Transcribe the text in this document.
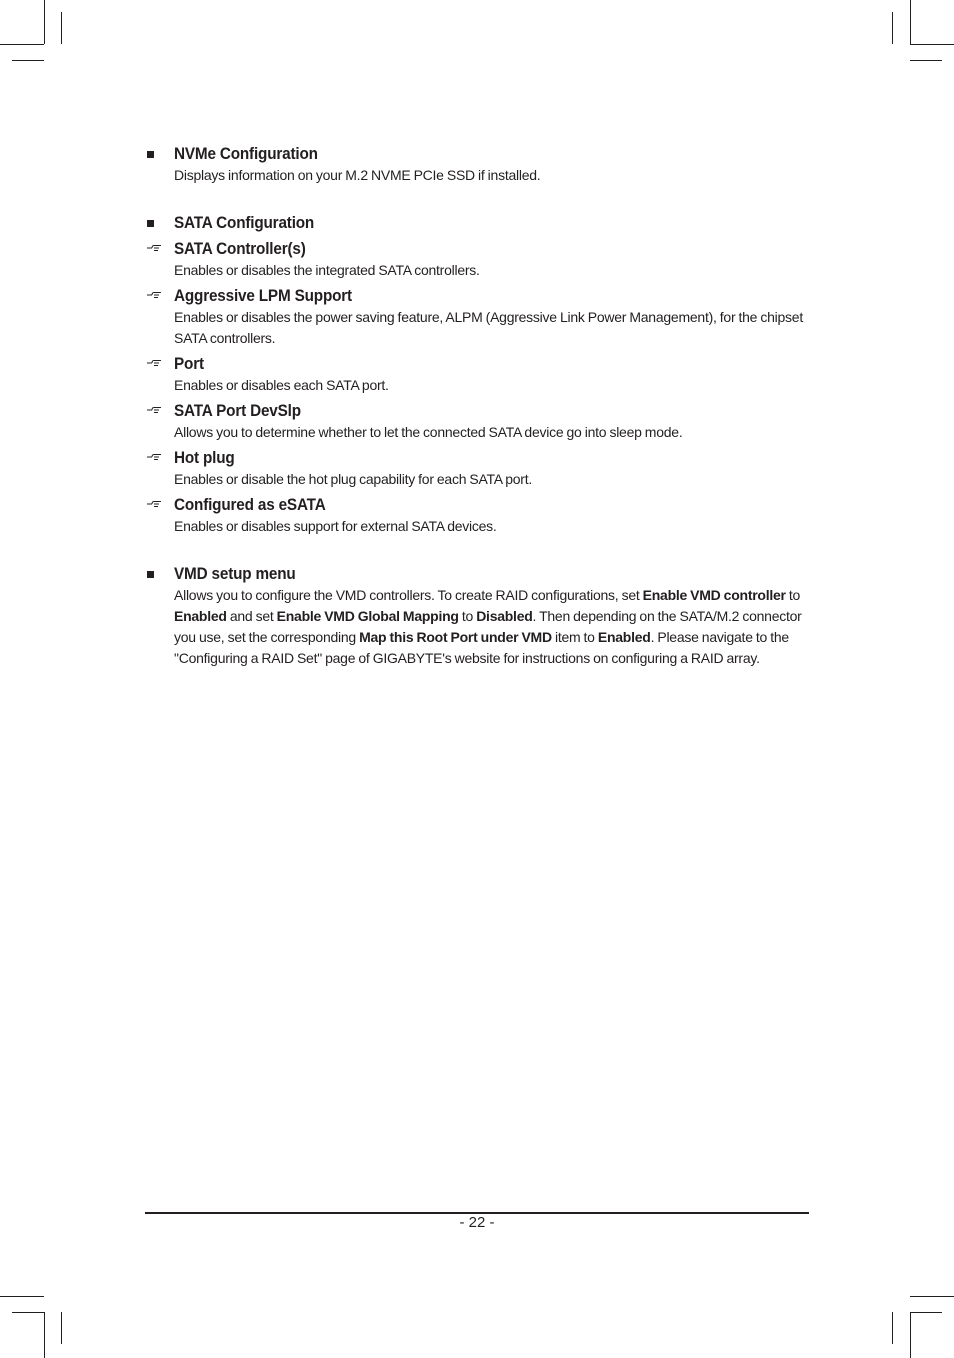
NVMe Configuration
Displays information on your M.2 NVME PCIe SSD if installed.
SATA Configuration
SATA Controller(s)
Enables or disables the integrated SATA controllers.
Aggressive LPM Support
Enables or disables the power saving feature, ALPM (Aggressive Link Power Management), for the chipset SATA controllers.
Port
Enables or disables each SATA port.
SATA Port DevSlp
Allows you to determine whether to let the connected SATA device go into sleep mode.
Hot plug
Enables or disable the hot plug capability for each SATA port.
Configured as eSATA
Enables or disables support for external SATA devices.
VMD setup menu
Allows you to configure the VMD controllers. To create RAID configurations, set Enable VMD controller to Enabled and set Enable VMD Global Mapping to Disabled. Then depending on the SATA/M.2 connector you use, set the corresponding Map this Root Port under VMD item to Enabled. Please navigate to the "Configuring a RAID Set" page of GIGABYTE's website for instructions on configuring a RAID array.
- 22 -
